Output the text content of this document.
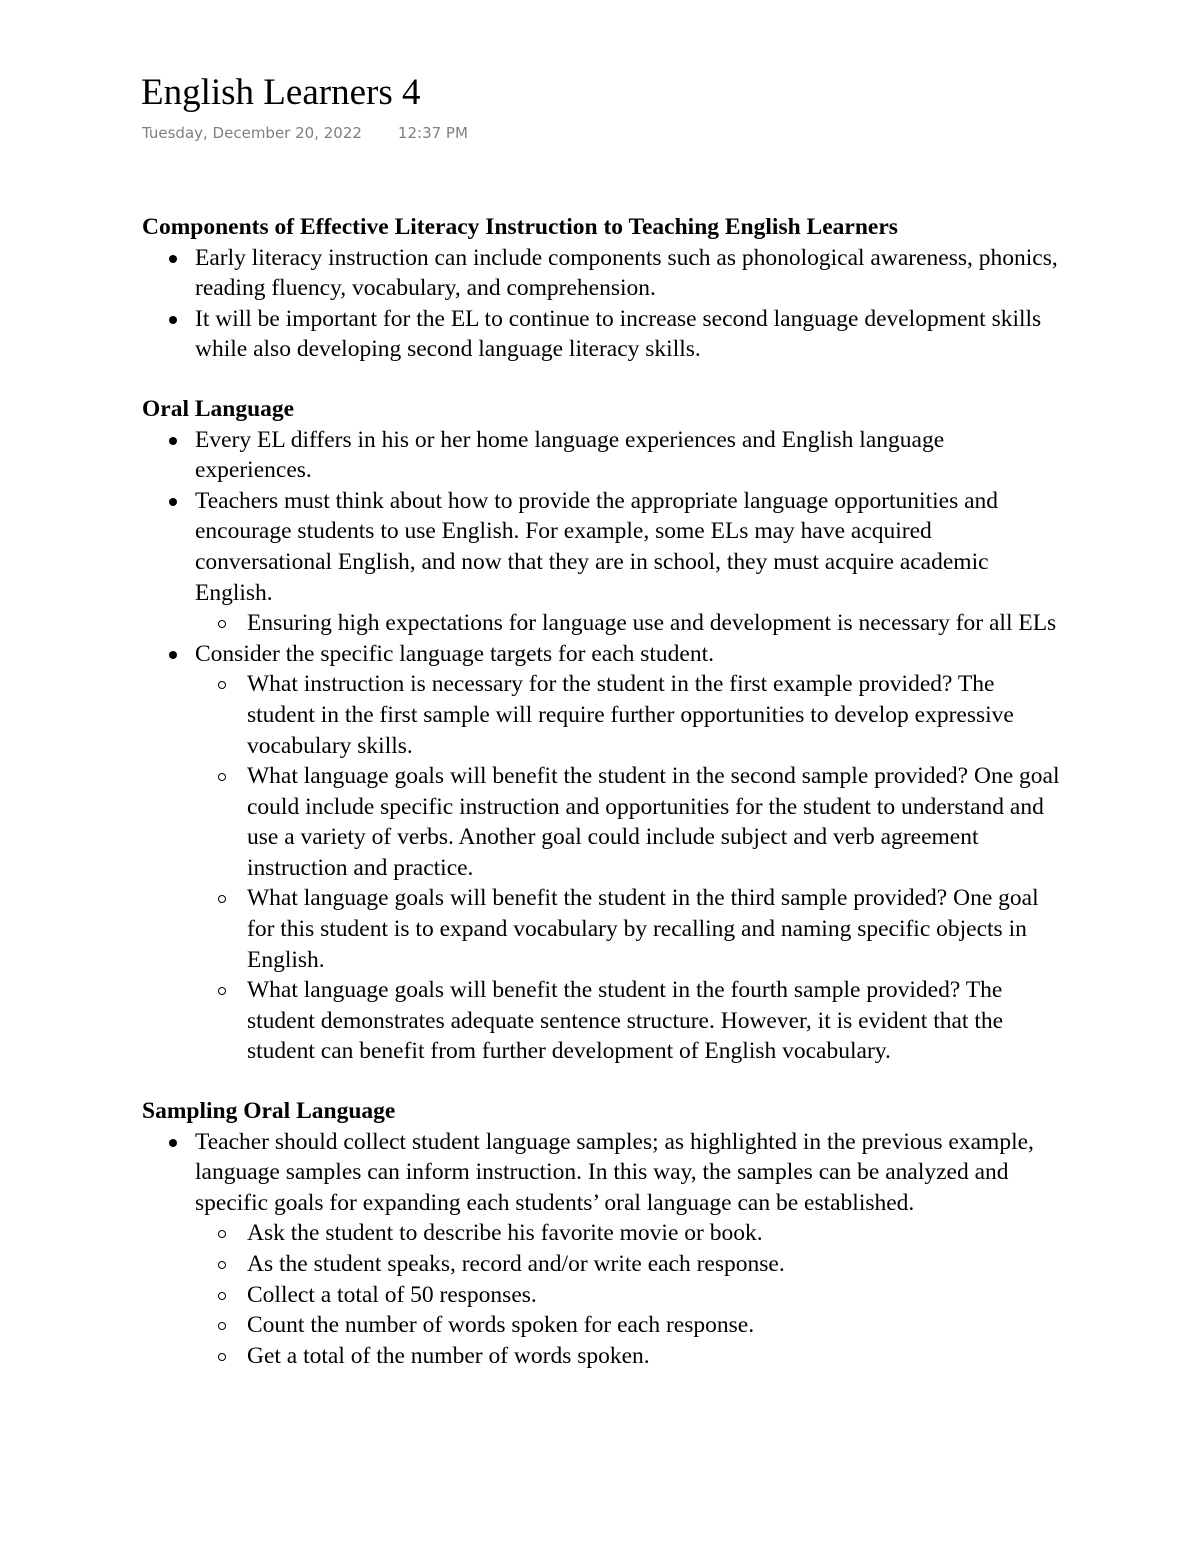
English Learners 4
Tuesday, December 20, 2022 12:37 PM

Components of Effective Literacy Instruction to Teaching English Learners

Early literacy instruction can include components such as phonological awareness, phonics, reading fluency, vocabulary, and comprehension.
It will be important for the EL to continue to increase second language development skills while also developing second language literacy skills.

Oral Language

Every EL differs in his or her home language experiences and English language experiences.
Teachers must think about how to provide the appropriate language opportunities and encourage students to use English. For example, some ELs may have acquired conversational English, and now that they are in school, they must acquire academic English.
Ensuring high expectations for language use and development is necessary for all ELs
Consider the specific language targets for each student.
What instruction is necessary for the student in the first example provided? The student in the first sample will require further opportunities to develop expressive vocabulary skills.
What language goals will benefit the student in the second sample provided? One goal could include specific instruction and opportunities for the student to understand and use a variety of verbs. Another goal could include subject and verb agreement instruction and practice.
What language goals will benefit the student in the third sample provided? One goal for this student is to expand vocabulary by recalling and naming specific objects in English.
What language goals will benefit the student in the fourth sample provided? The student demonstrates adequate sentence structure. However, it is evident that the student can benefit from further development of English vocabulary.

Sampling Oral Language

Teacher should collect student language samples; as highlighted in the previous example, language samples can inform instruction. In this way, the samples can be analyzed and specific goals for expanding each students’ oral language can be established.
Ask the student to describe his favorite movie or book.
As the student speaks, record and/or write each response.
Collect a total of 50 responses.
Count the number of words spoken for each response.
Get a total of the number of words spoken.
